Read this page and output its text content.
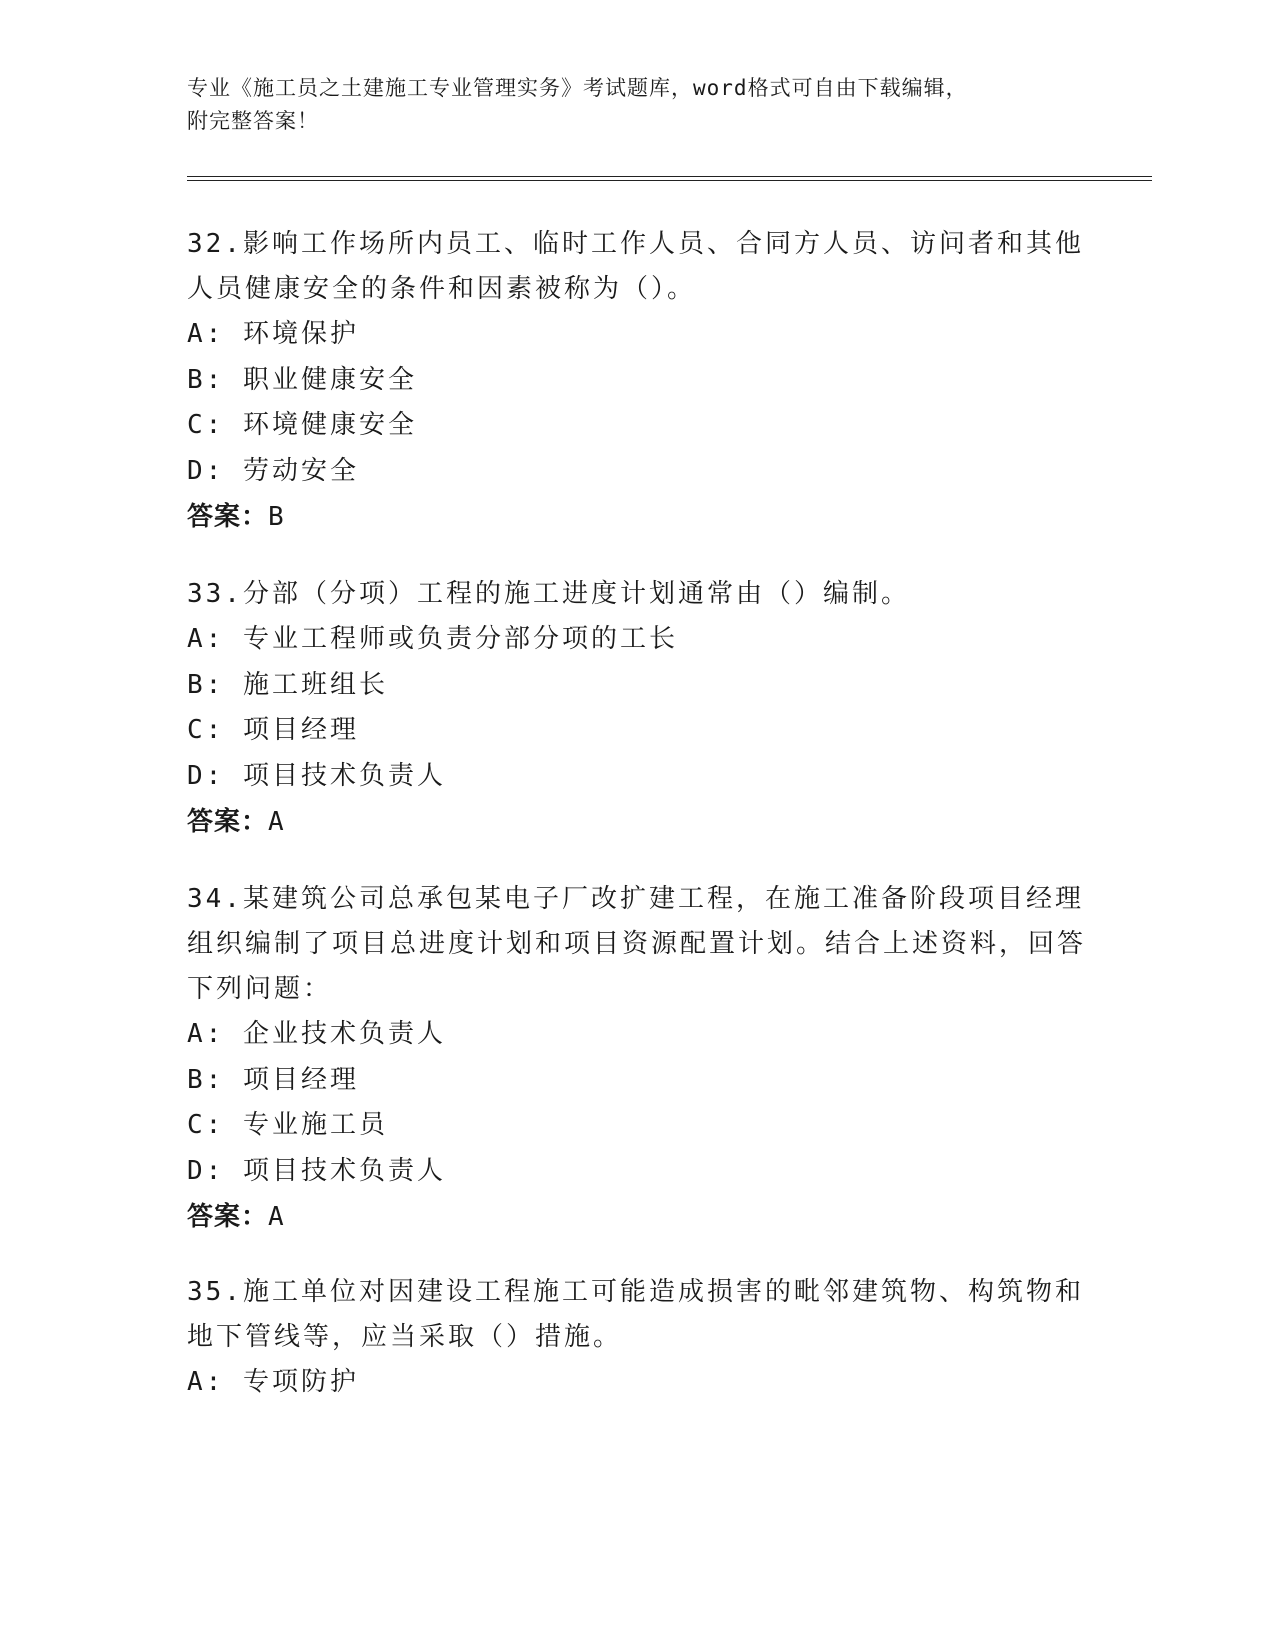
专业《施工员之土建施工专业管理实务》考试题库，word格式可自由下载编辑，
附完整答案！
32.影响工作场所内员工、临时工作人员、合同方人员、访问者和其他人员健康安全的条件和因素被称为（）。
A: 环境保护
B: 职业健康安全
C: 环境健康安全
D: 劳动安全
答案：B
33.分部（分项）工程的施工进度计划通常由（）编制。
A: 专业工程师或负责分部分项的工长
B: 施工班组长
C: 项目经理
D: 项目技术负责人
答案：A
34.某建筑公司总承包某电子厂改扩建工程，在施工准备阶段项目经理组织编制了项目总进度计划和项目资源配置计划。结合上述资料，回答下列问题：
A: 企业技术负责人
B: 项目经理
C: 专业施工员
D: 项目技术负责人
答案：A
35.施工单位对因建设工程施工可能造成损害的毗邻建筑物、构筑物和地下管线等，应当采取（）措施。
A: 专项防护
